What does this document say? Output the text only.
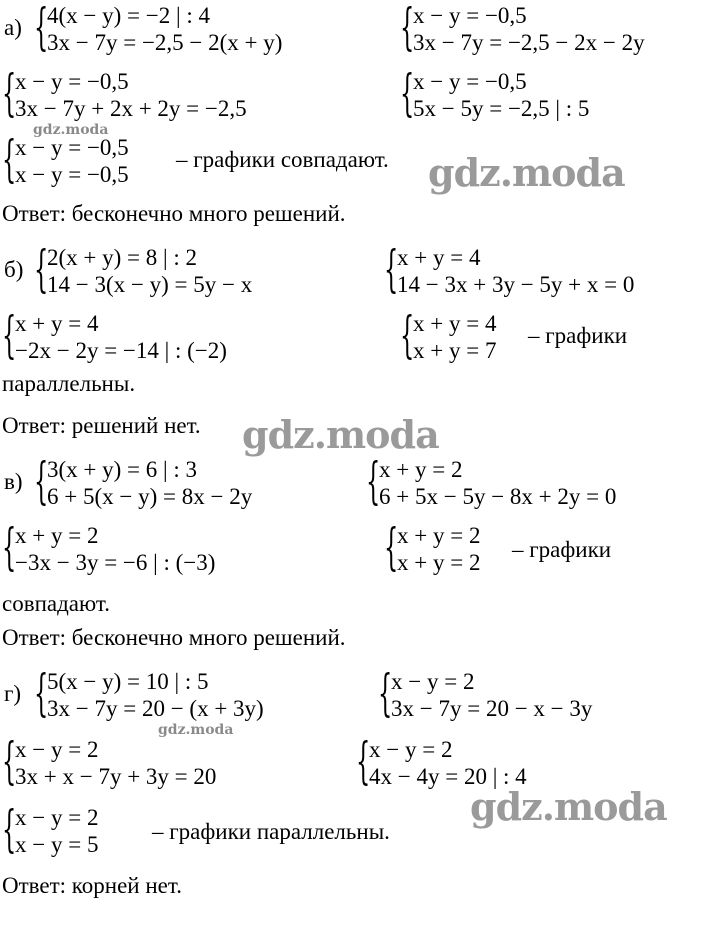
а) {
4(x − y) = −2 | : 4
3x − 7y = −2,5 − 2(x + y) {
x − y = −0,5
3x − 7y = −2,5 − 2x − 2y
{
x − y = −0,5
3x − 7y + 2x + 2y = −2,5	{
x − y = −0,5
5x − 5y = −2,5 | : 5
gdz.moda
{
x − y = −0,5
x − y = −0,5
– графики совпадают. gdz.moda
Ответ: бесконечно много решений.
б) {
2(x + y) = 8 | : 2
14 − 3(x − y) = 5y − x	{
x + y = 4
14 − 3x + 3y − 5y + x = 0
{
x + y = 4
−2x − 2y = −14 | : (−2)	{
x + y = 4
x + y = 7
– графики
параллельны.
Ответ: решений нет. gdz.moda
в) {
3(x + y) = 6 | : 3
6 + 5(x − y) = 8x − 2y {
x + y = 2
6 + 5x − 5y − 8x + 2y = 0
{
x + y = 2
−3x − 3y = −6 | : (−3)	{
x + y = 2
x + y = 2
– графики
совпадают.
Ответ: бесконечно много решений.
г) {
5(x − y) = 10 | : 5
3x − 7y = 20 − (x + 3y) {
x − y = 2
3x − 7y = 20 − x − 3y
gdz.moda
{
x − y = 2
3x + x − 7y + 3y = 20	{
x − y = 2
4x − 4y = 20 | : 4
gdz.moda
{
x − y = 2
x − y = 5
– графики параллельны.
Ответ: корней нет.
